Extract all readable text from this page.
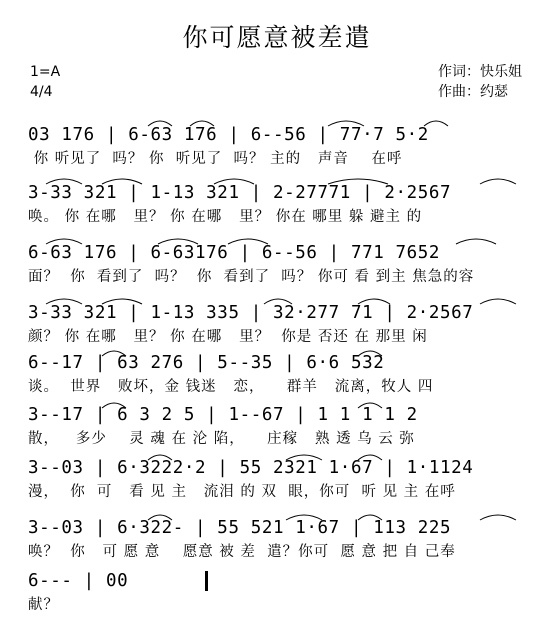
你可愿意被差遣
1=A
4/4
作词：快乐姐
作曲：约瑟
03 176 | 6-63 176 | 6--56 | 77·7 5·2
你 听见了  吗？ 你  听见了  吗？ 主的   声音    在呼
3-33 321 | 1-13 321 | 2-27771 | 2·2567
唤。 你 在哪   里？ 你 在哪   里？ 你在 哪里 躲 避主 的
6-63 176 | 6-63176 | 6--56 | 771 7652
面？  你  看到了  吗？  你  看到了  吗？ 你可 看 到主 焦急的容
3-33 321 | 1-13 335 | 32·277 71 | 2·2567
颜？ 你 在哪   里？ 你 在哪   里？  你是 否还 在 那里 闲
6--17 | 63 276 | 5--35 | 6·6 532
谈。  世界   败坏，金 钱迷   恋，    群羊   流离，牧人 四
3--17 | 6 3 2 5 | 1--67 | 1 1 1 1 2
散，   多少    灵 魂 在 沦 陷，    庄稼   熟 透 乌 云 弥
3--03 | 6·3222·2 | 55 2321 1·67 | 1·1124
漫，  你  可   看 见 主   流泪 的 双  眼，你可  听 见 主 在呼
3--03 | 6·322- | 55 521 1·67 | 113 225
唤？  你   可 愿 意    愿意 被 差  遣？你可  愿 意 把 自 己奉
6--- | 00
献？
